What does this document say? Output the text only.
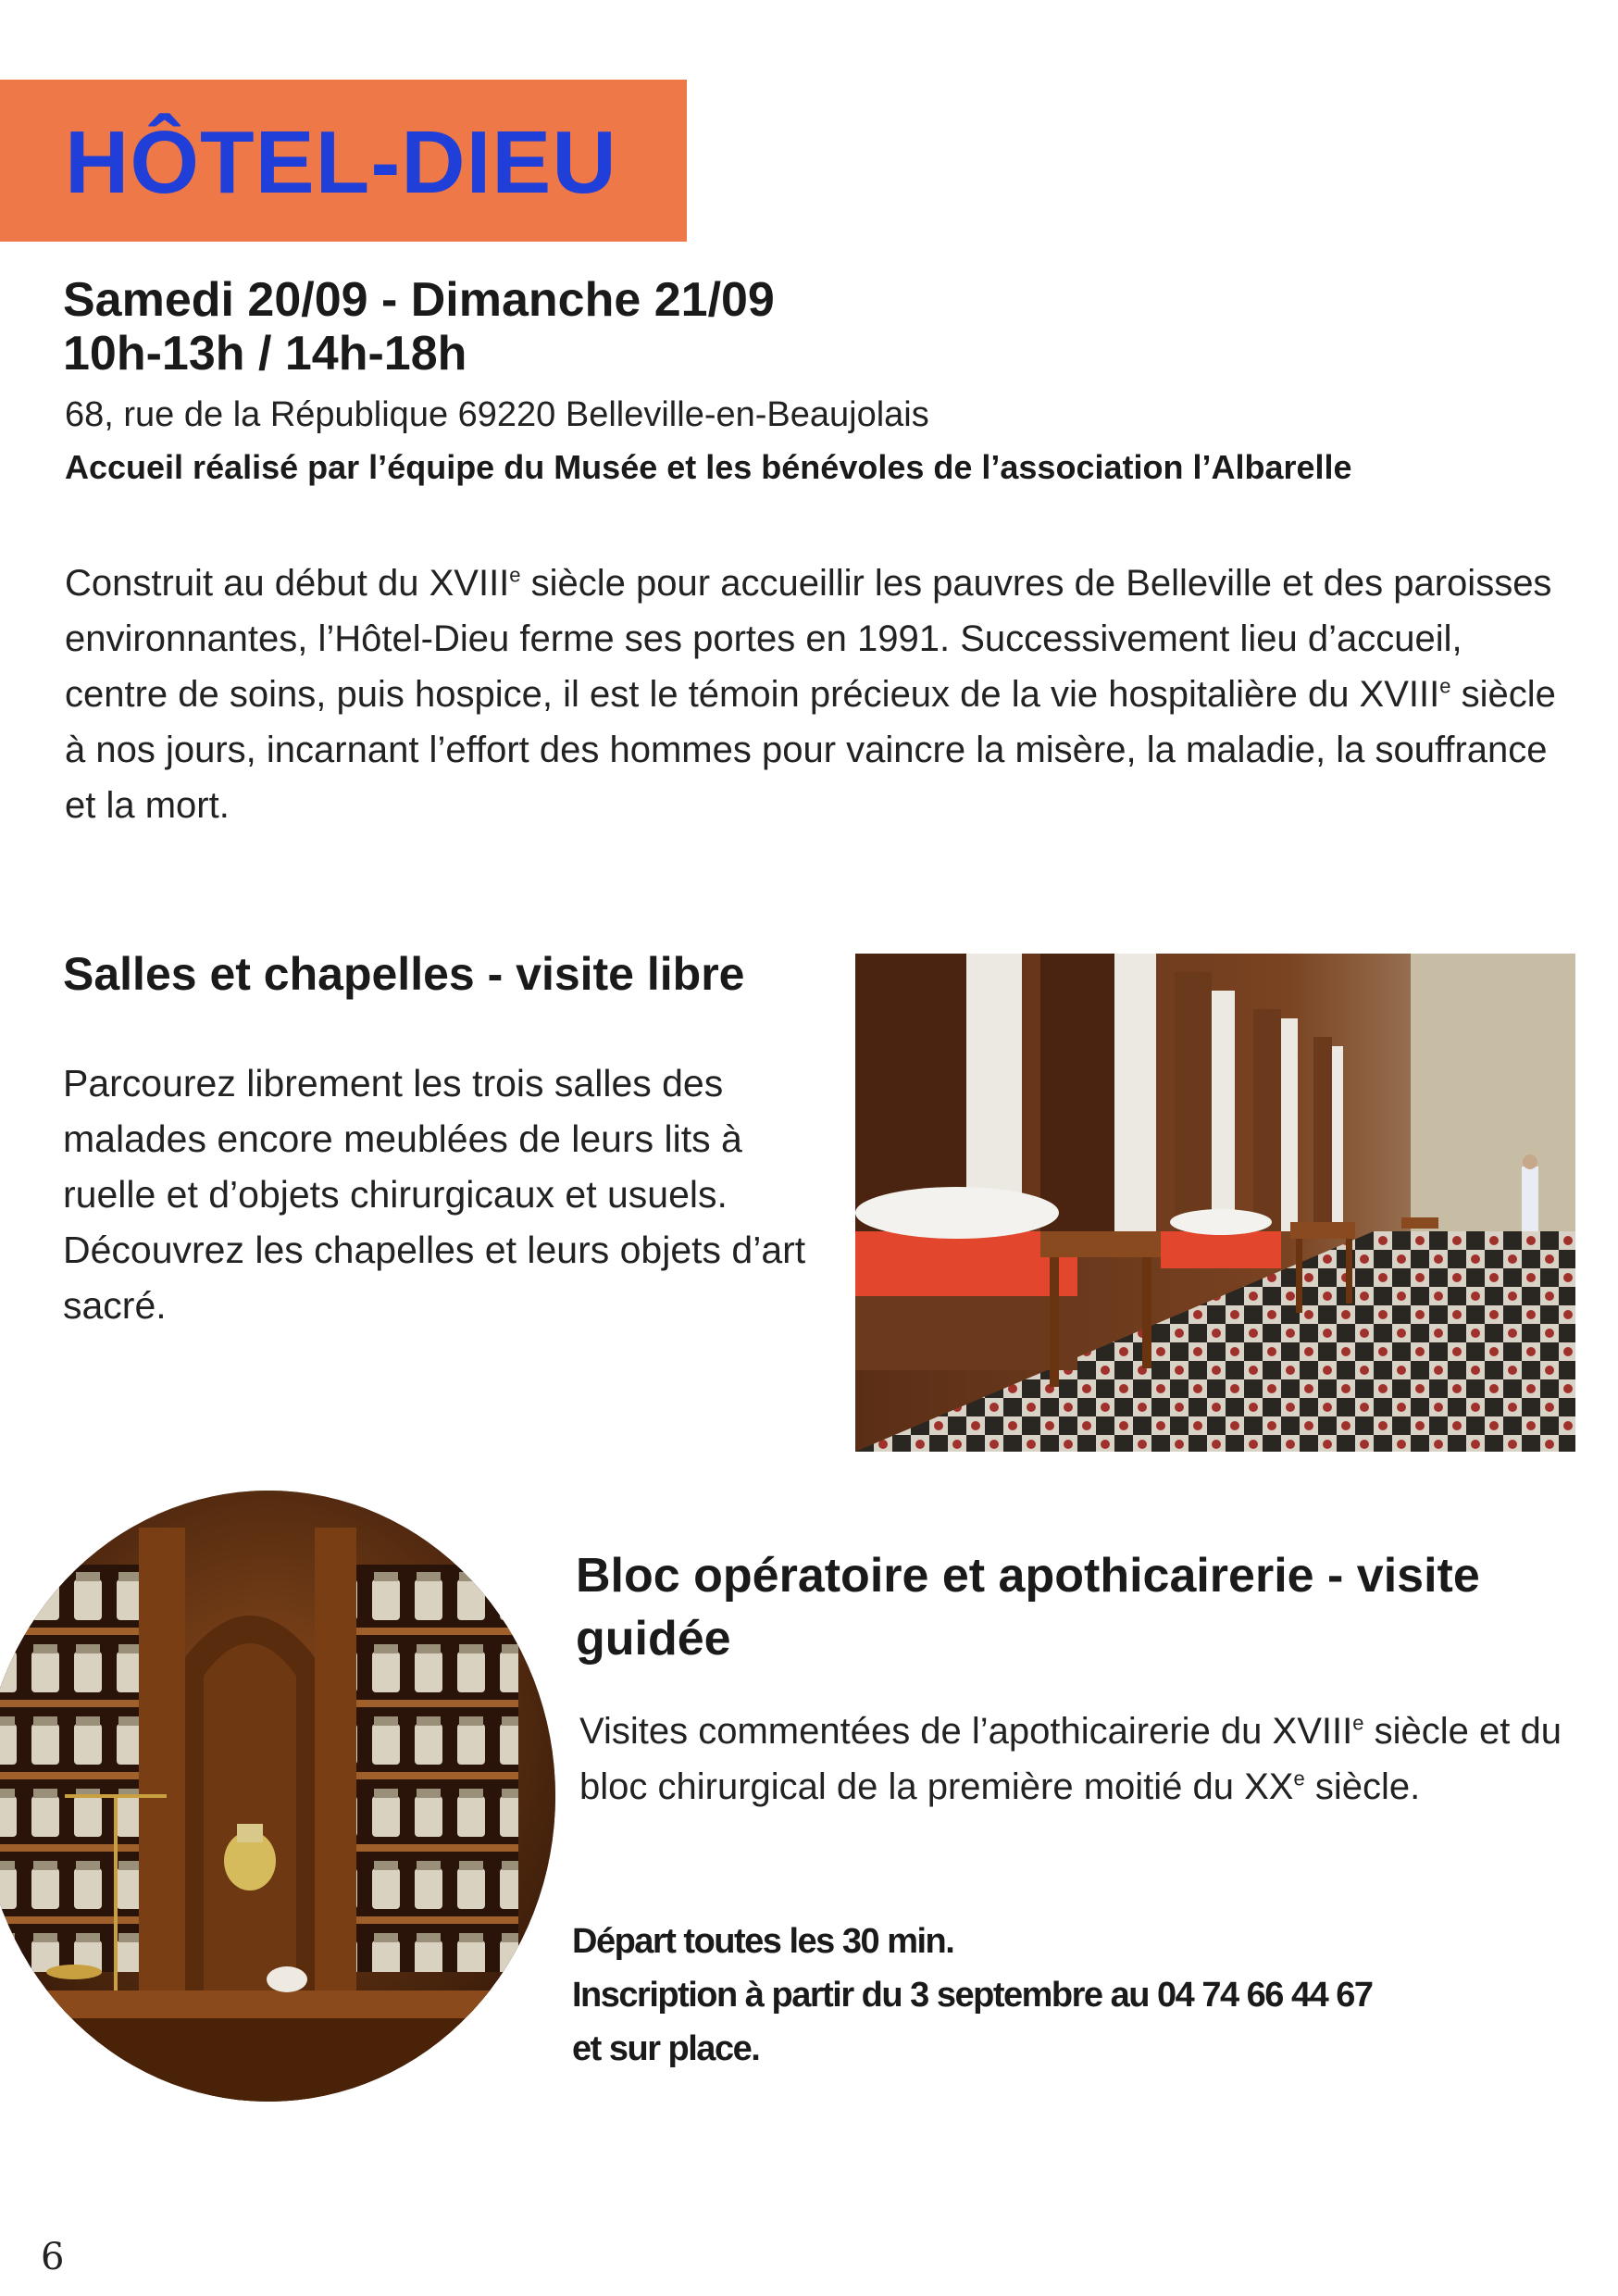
HÔTEL-DIEU
Samedi 20/09 - Dimanche 21/09
10h-13h / 14h-18h
68, rue de la République 69220 Belleville-en-Beaujolais
Accueil réalisé par l’équipe du Musée et les bénévoles de l’association l’Albarelle

Construit au début du XVIIIe siècle pour accueillir les pauvres de Belleville et des paroisses environnantes, l’Hôtel-Dieu ferme ses portes en 1991. Successivement lieu d’accueil, centre de soins, puis hospice, il est le témoin précieux de la vie hospitalière du XVIIIe siècle à nos jours, incarnant l’effort des hommes pour vaincre la misère, la maladie, la souffrance et la mort.

Salles et chapelles - visite libre
Parcourez librement les trois salles des malades encore meublées de leurs lits à ruelle et d’objets chirurgicaux et usuels. Découvrez les chapelles et leurs objets d’art sacré.
Bloc opératoire et apothicairerie - visite guidée
Visites commentées de l’apothicairerie du XVIIIe siècle et du bloc chirurgical de la première moitié du XXe siècle.
Départ toutes les 30 min.
Inscription à partir du 3 septembre au 04 74 66 44 67
et sur place.
6
